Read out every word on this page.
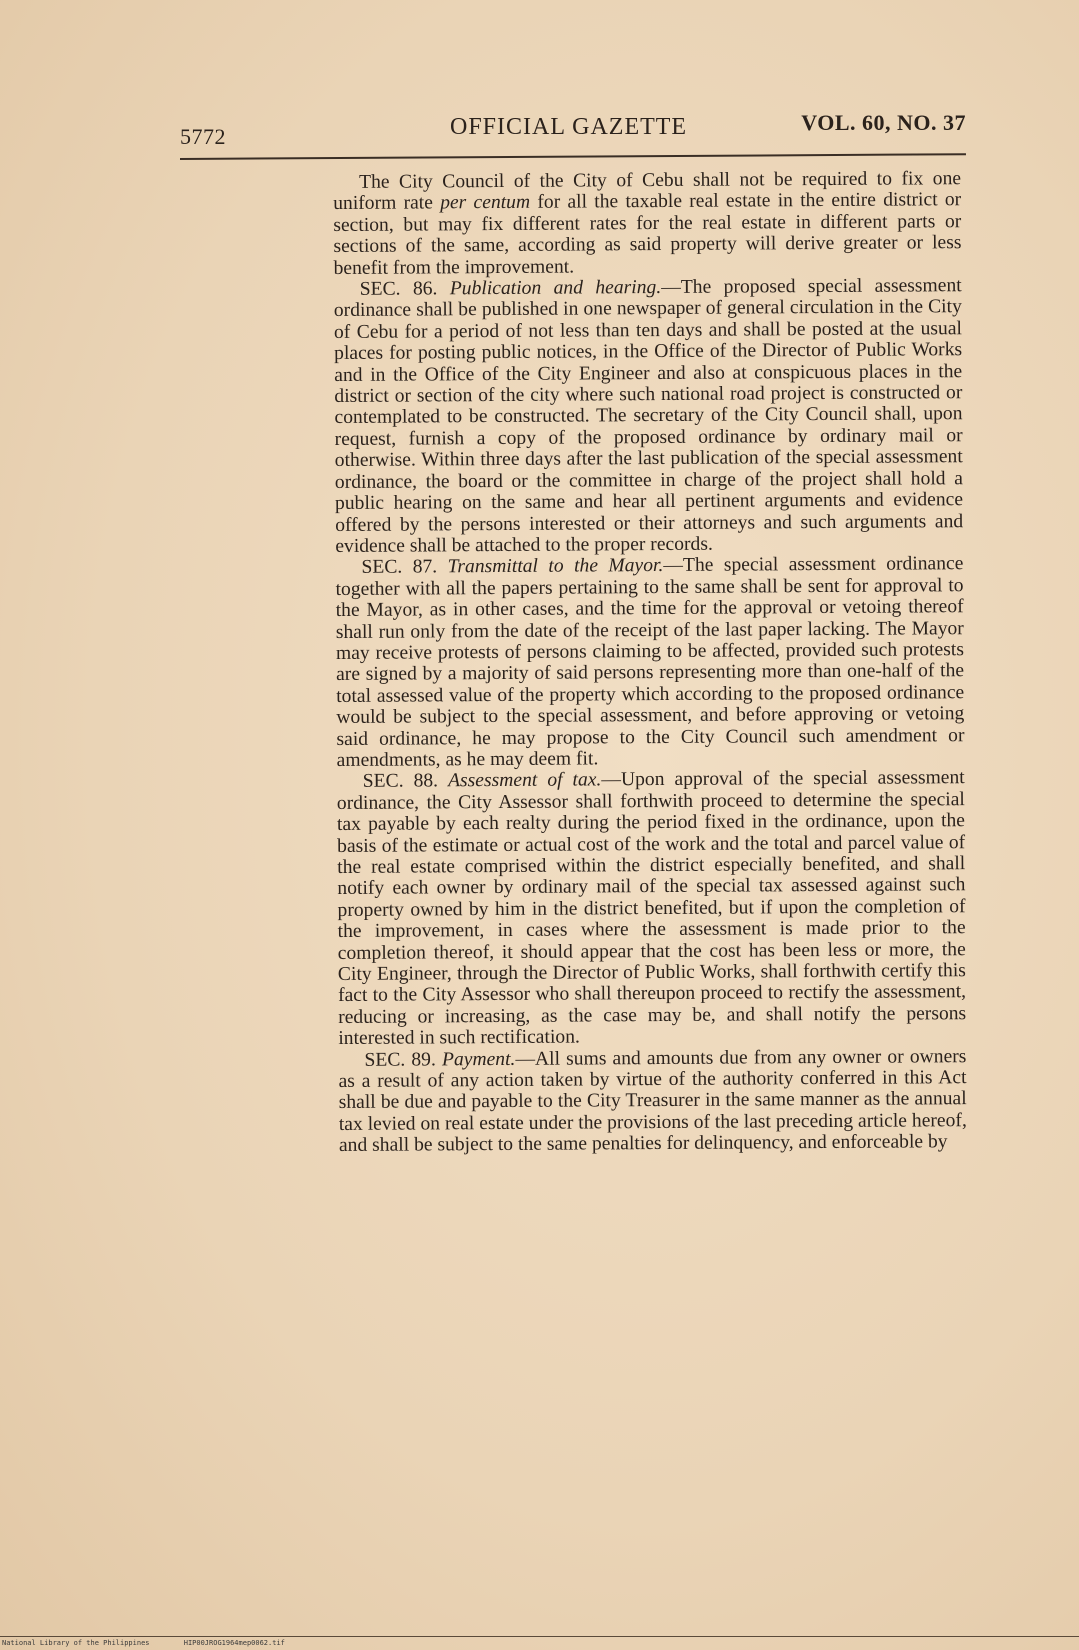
5772	OFFICIAL GAZETTE	VOL. 60, NO. 37

The City Council of the City of Cebu shall not be required to fix one uniform rate per centum for all the taxable real estate in the entire district or section, but may fix different rates for the real estate in different parts or sections of the same, according as said property will derive greater or less benefit from the improvement.

SEC. 86. Publication and hearing.—The proposed special assessment ordinance shall be published in one newspaper of general circulation in the City of Cebu for a period of not less than ten days and shall be posted at the usual places for posting public notices, in the Office of the Director of Public Works and in the Office of the City Engineer and also at conspicuous places in the district or section of the city where such national road project is constructed or contemplated to be constructed. The secretary of the City Council shall, upon request, furnish a copy of the proposed ordinance by ordinary mail or otherwise. Within three days after the last publication of the special assessment ordinance, the board or the committee in charge of the project shall hold a public hearing on the same and hear all pertinent arguments and evidence offered by the persons interested or their attorneys and such arguments and evidence shall be attached to the proper records.

SEC. 87. Transmittal to the Mayor.—The special assessment ordinance together with all the papers pertaining to the same shall be sent for approval to the Mayor, as in other cases, and the time for the approval or vetoing thereof shall run only from the date of the receipt of the last paper lacking. The Mayor may receive protests of persons claiming to be affected, provided such protests are signed by a majority of said persons representing more than one-half of the total assessed value of the property which according to the proposed ordinance would be subject to the special assessment, and before approving or vetoing said ordinance, he may propose to the City Council such amendment or amendments, as he may deem fit.

SEC. 88. Assessment of tax.—Upon approval of the special assessment ordinance, the City Assessor shall forthwith proceed to determine the special tax payable by each realty during the period fixed in the ordinance, upon the basis of the estimate or actual cost of the work and the total and parcel value of the real estate comprised within the district especially benefited, and shall notify each owner by ordinary mail of the special tax assessed against such property owned by him in the district benefited, but if upon the completion of the improvement, in cases where the assessment is made prior to the completion thereof, it should appear that the cost has been less or more, the City Engineer, through the Director of Public Works, shall forthwith certify this fact to the City Assessor who shall thereupon proceed to rectify the assessment, reducing or increasing, as the case may be, and shall notify the persons interested in such rectification.

SEC. 89. Payment.—All sums and amounts due from any owner or owners as a result of any action taken by virtue of the authority conferred in this Act shall be due and payable to the City Treasurer in the same manner as the annual tax levied on real estate under the provisions of the last preceding article hereof, and shall be subject to the same penalties for delinquency, and enforceable by

National Library of the Philippines	HIP00JROG1964mep0062.tif
